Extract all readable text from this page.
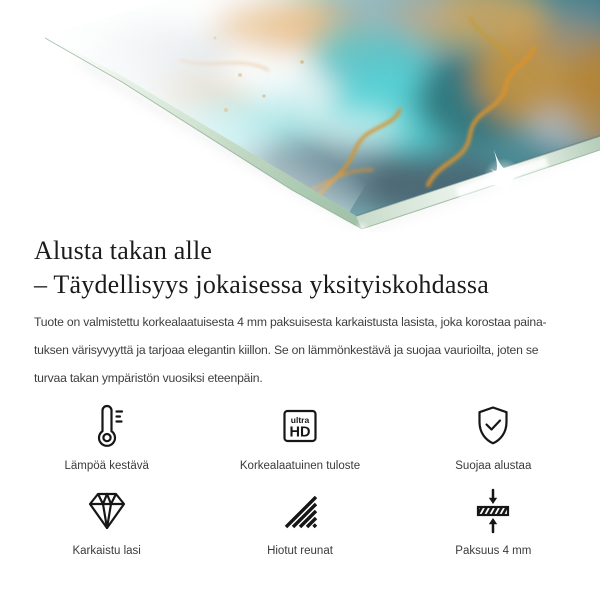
Alusta takan alle
– Täydellisyys jokaisessa yksityiskohdassa

Tuote on valmistettu korkealaatuisesta 4 mm paksuisesta karkaistusta lasista, joka korostaa paina-
tuksen värisyvyyttä ja tarjoaa elegantin kiillon. Se on lämmönkestävä ja suojaa vaurioilta, joten se
turvaa takan ympäristön vuosiksi eteenpäin.

Lämpöä kestävä
ultra
HD
Korkealaatuinen tuloste	Suojaa alustaa
Karkaistu lasi	Hiotut reunat	Paksuus 4 mm
